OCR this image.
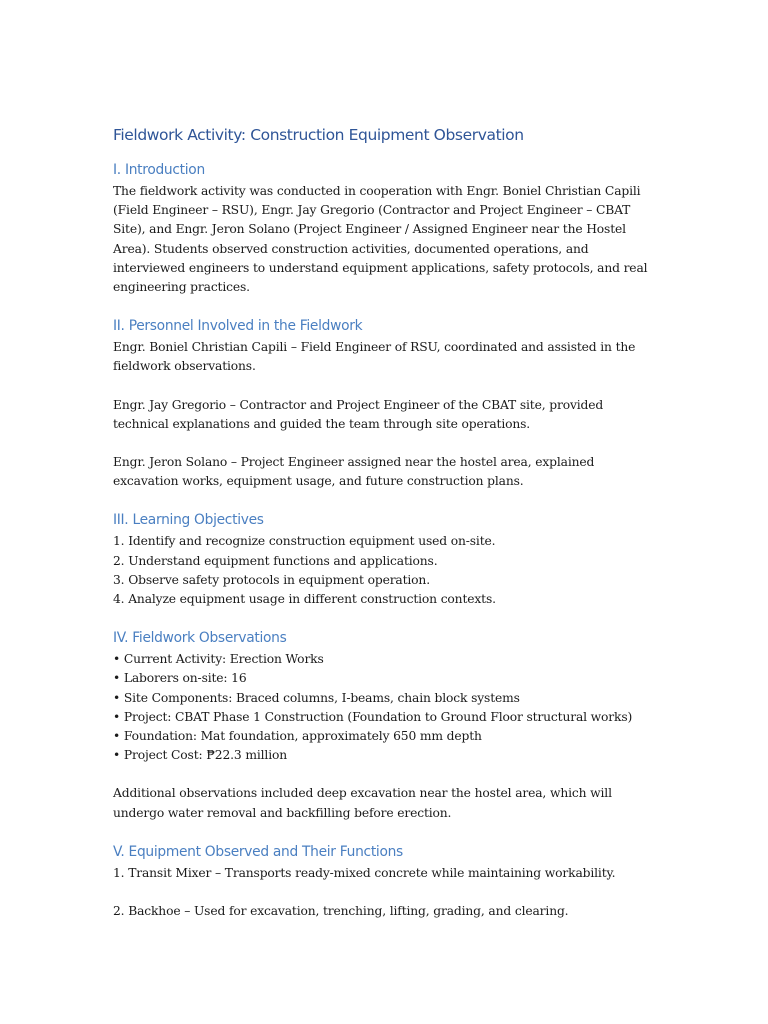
Fieldwork Activity: Construction Equipment Observation
I. Introduction

The fieldwork activity was conducted in cooperation with Engr. Boniel Christian Capili (Field Engineer – RSU), Engr. Jay Gregorio (Contractor and Project Engineer – CBAT Site), and Engr. Jeron Solano (Project Engineer / Assigned Engineer near the Hostel Area). Students observed construction activities, documented operations, and interviewed engineers to understand equipment applications, safety protocols, and real engineering practices.

II. Personnel Involved in the Fieldwork

Engr. Boniel Christian Capili – Field Engineer of RSU, coordinated and assisted in the fieldwork observations.

Engr. Jay Gregorio – Contractor and Project Engineer of the CBAT site, provided technical explanations and guided the team through site operations.

Engr. Jeron Solano – Project Engineer assigned near the hostel area, explained excavation works, equipment usage, and future construction plans.

III. Learning Objectives

1. Identify and recognize construction equipment used on-site.

2. Understand equipment functions and applications.

3. Observe safety protocols in equipment operation.

4. Analyze equipment usage in different construction contexts.

IV. Fieldwork Observations

• Current Activity: Erection Works

• Laborers on-site: 16

• Site Components: Braced columns, I-beams, chain block systems

• Project: CBAT Phase 1 Construction (Foundation to Ground Floor structural works)

• Foundation: Mat foundation, approximately 650 mm depth

• Project Cost: ₱22.3 million

Additional observations included deep excavation near the hostel area, which will undergo water removal and backfilling before erection.

V. Equipment Observed and Their Functions

1. Transit Mixer – Transports ready-mixed concrete while maintaining workability.

2. Backhoe – Used for excavation, trenching, lifting, grading, and clearing.
